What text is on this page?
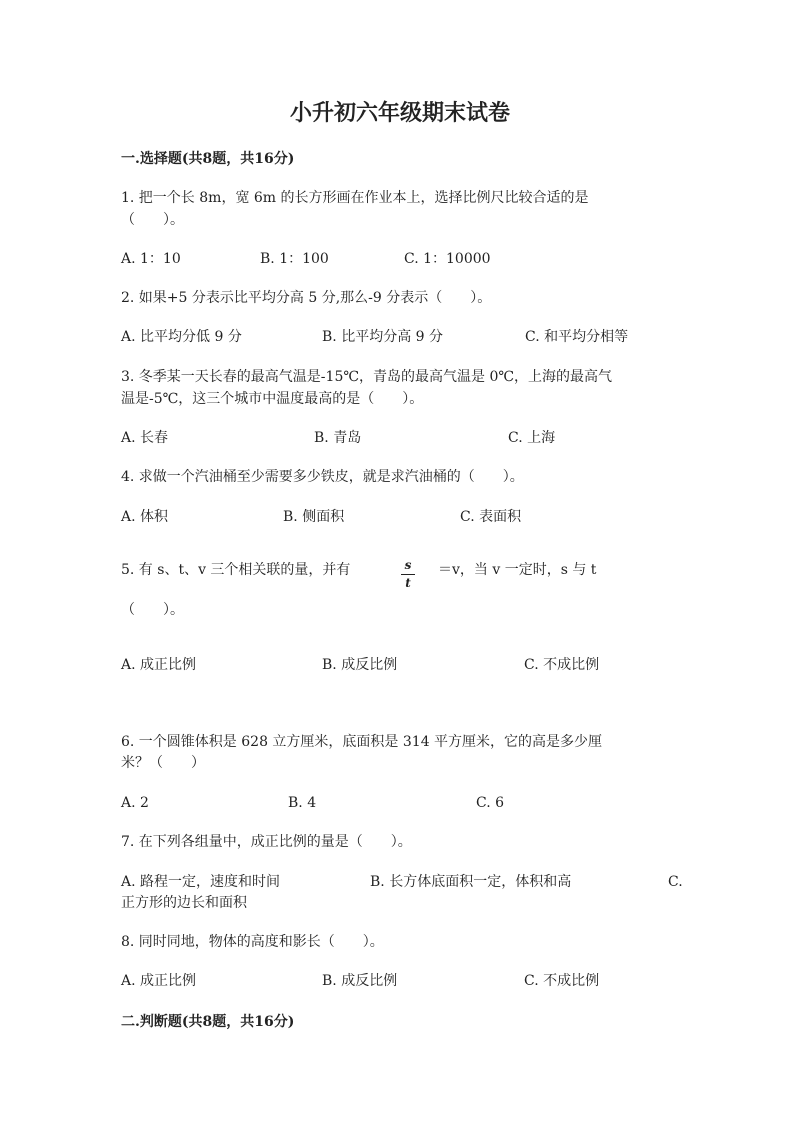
小升初六年级期末试卷
一.选择题(共8题，共16分)
1. 把一个长 8m，宽 6m 的长方形画在作业本上，选择比例尺比较合适的是
（　　）。
A. 1：10	B. 1：100	C. 1：10000
2. 如果+5 分表示比平均分高 5 分,那么-9 分表示（　　）。
A. 比平均分低 9 分	B. 比平均分高 9 分	C. 和平均分相等
3. 冬季某一天长春的最高气温是-15℃，青岛的最高气温是 0℃，上海的最高气
温是-5℃，这三个城市中温度最高的是（　　）。
A. 长春	B. 青岛	C. 上海
4. 求做一个汽油桶至少需要多少铁皮，就是求汽油桶的（　　）。
A. 体积	B. 侧面积	C. 表面积
5. 有 s、t、v 三个相关联的量，并有	s
t
＝v，当 v 一定时，s 与 t
（　　）。
A. 成正比例	B. 成反比例	C. 不成比例
6. 一个圆锥体积是 628 立方厘米，底面积是 314 平方厘米，它的高是多少厘
米？（　　）
A. 2	B. 4	C. 6
7. 在下列各组量中，成正比例的量是（　　）。
A. 路程一定，速度和时间	B. 长方体底面积一定，体积和高	C.
正方形的边长和面积
8. 同时同地，物体的高度和影长（　　）。
A. 成正比例	B. 成反比例	C. 不成比例
二.判断题(共8题，共16分)
